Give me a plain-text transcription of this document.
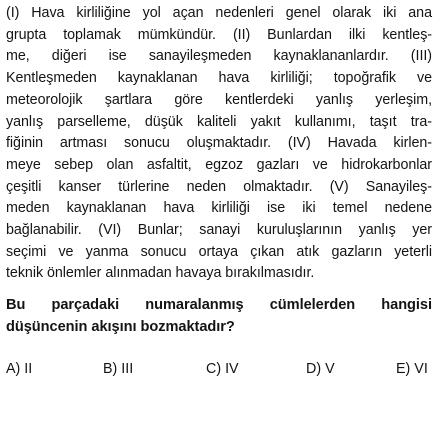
(I) Hava kirliliğine yol açan nedenleri genel olarak iki ana
grupta toplamak mümkündür. (II) Bunlardan ilki kentleş-
me, diğeri ise sanayileşmeden kaynaklananlardır. (III)
Kentleşmeden kaynaklanan hava kirliliği; topoğrafik ve
meteorolojik şartlara göre kentlerdeki yanlış yerleşim,
yanlış parselleme, düşük kaliteli yakıt kullanımı, taşıt tra-
fiğinin artması sonucu oluşmaktadır. (IV) Havada kirlen-
meye sebep olan asfaltit, egzoz gazları ve hidrokarbonlar
çeşitli kanser türlerine neden olmaktadır. (V) Sanayileş-
meden kaynaklanan hava kirliliği ise iki temel nedene
bağlanabilir. (VI) Bunlar; sanayi kuruluşlarının yanlış yer
seçimi ve yanma sonucu ortaya çıkan atık gazların yeterli
teknik önlemler alınmadan havaya bırakılmasıdır.
Bu parçadaki numaralanmış cümlelerden hangisi
düşüncenin akışını bozmaktadır?
A) II	B) III	C) IV	D) V	E) VI
